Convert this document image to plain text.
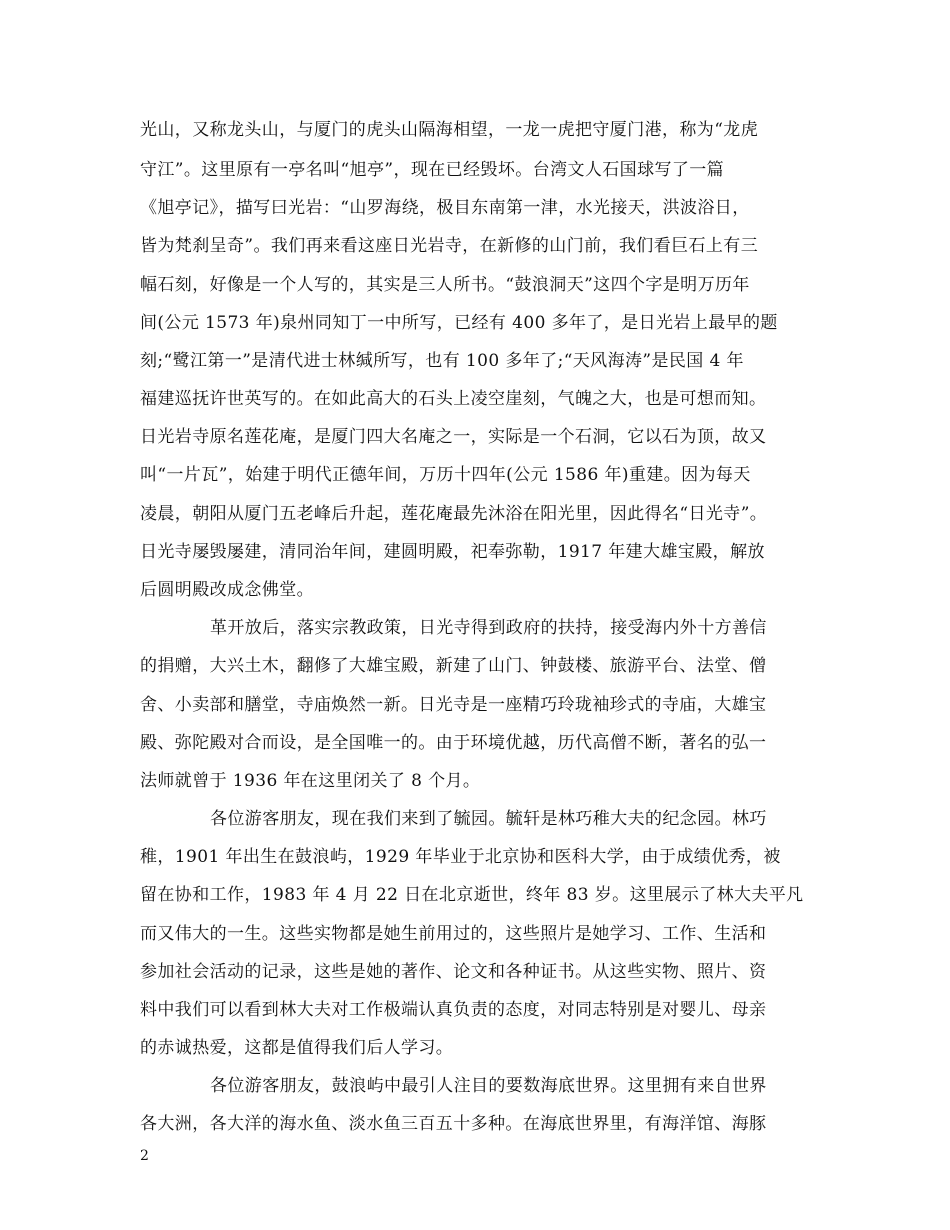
光山，又称龙头山，与厦门的虎头山隔海相望，一龙一虎把守厦门港，称为“龙虎
守江”。这里原有一亭名叫“旭亭”，现在已经毁坏。台湾文人石国球写了一篇
《旭亭记》，描写曰光岩：“山罗海绕，极目东南第一津，水光接天，洪波浴日，
皆为梵刹呈奇”。我们再来看这座日光岩寺，在新修的山门前，我们看巨石上有三
幅石刻，好像是一个人写的，其实是三人所书。“鼓浪洞天”这四个字是明万历年
间(公元 1573 年)泉州同知丁一中所写，已经有 400 多年了，是日光岩上最早的题
刻;“鹭江第一”是清代进士林缄所写，也有 100 多年了;“天风海涛”是民国 4 年
福建巡抚许世英写的。在如此高大的石头上凌空崖刻，气魄之大，也是可想而知。
日光岩寺原名莲花庵，是厦门四大名庵之一，实际是一个石洞，它以石为顶，故又
叫“一片瓦”，始建于明代正德年间，万历十四年(公元 1586 年)重建。因为每天
凌晨，朝阳从厦门五老峰后升起，莲花庵最先沐浴在阳光里，因此得名“日光寺”。
日光寺屡毁屡建，清同治年间，建圆明殿，祀奉弥勒，1917 年建大雄宝殿，解放
后圆明殿改成念佛堂。
革开放后，落实宗教政策，日光寺得到政府的扶持，接受海内外十方善信
的捐赠，大兴土木，翻修了大雄宝殿，新建了山门、钟鼓楼、旅游平台、法堂、僧
舍、小卖部和膳堂，寺庙焕然一新。日光寺是一座精巧玲珑袖珍式的寺庙，大雄宝
殿、弥陀殿对合而设，是全国唯一的。由于环境优越，历代高僧不断，著名的弘一
法师就曾于 1936 年在这里闭关了 8 个月。
各位游客朋友，现在我们来到了毓园。毓轩是林巧稚大夫的纪念园。林巧
稚，1901 年出生在鼓浪屿，1929 年毕业于北京协和医科大学，由于成绩优秀，被
留在协和工作，1983 年 4 月 22 日在北京逝世，终年 83 岁。这里展示了林大夫平凡
而又伟大的一生。这些实物都是她生前用过的，这些照片是她学习、工作、生活和
参加社会活动的记录，这些是她的著作、论文和各种证书。从这些实物、照片、资
料中我们可以看到林大夫对工作极端认真负责的态度，对同志特别是对婴儿、母亲
的赤诚热爱，这都是值得我们后人学习。
各位游客朋友，鼓浪屿中最引人注目的要数海底世界。这里拥有来自世界
各大洲，各大洋的海水鱼、淡水鱼三百五十多种。在海底世界里，有海洋馆、海豚
2
